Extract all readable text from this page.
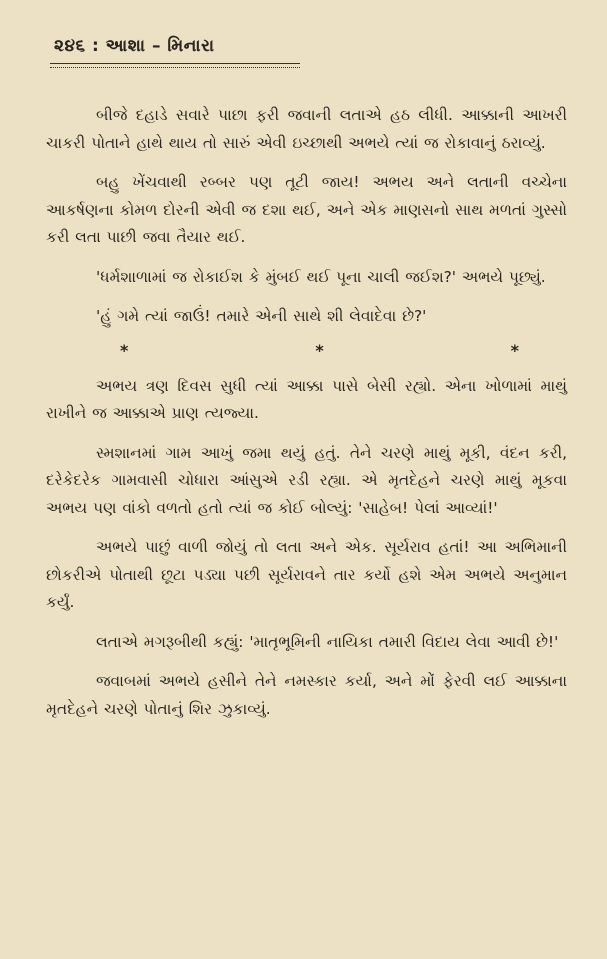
૨૪૬ : આશા – મિનારા

બીજે દહાડે સવારે પાછા ફરી જવાની લતાએ હઠ લીધી. આક્કાની આખરી ચાકરી પોતાને હાથે થાય તો સારું એવી ઇચ્છાથી અભયે ત્યાં જ રોકાવાનું ઠરાવ્યું.

બહુ ખેંચવાથી રબ્બર પણ તૂટી જાય! અભય અને લતાની વચ્ચેના આકર્ષણના કોમળ દોરની એવી જ દશા થઈ, અને એક માણસનો સાથ મળતાં ગુસ્સો કરી લતા પાછી જવા તૈયાર થઈ.

'ધર્મશાળામાં જ રોકાઈશ કે મુંબઈ થઈ પૂના ચાલી જઈશ?' અભયે પૂછ્યું.

'હું ગમે ત્યાં જાઉં! તમારે એની સાથે શી લેવાદેવા છે?'

*	*	*

અભય ત્રણ દિવસ સુધી ત્યાં આક્કા પાસે બેસી રહ્યો. એના ખોળામાં માથું રાખીને જ આક્કાએ પ્રાણ ત્યજ્યા.

સ્મશાનમાં ગામ આખું જમા થયું હતું. તેને ચરણે માથું મૂકી, વંદન કરી, દરેકેદરેક ગામવાસી ચોધારા આંસુએ રડી રહ્યા. એ મૃતદેહને ચરણે માથું મૂકવા અભય પણ વાંકો વળતો હતો ત્યાં જ કોઈ બોલ્યું: 'સાહેબ! પેલાં આવ્યાં!'

અભયે પાછું વાળી જોયું તો લતા અને એક. સૂર્યરાવ હતાં! આ અભિમાની છોકરીએ પોતાથી છૂટા પડ્યા પછી સૂર્યરાવને તાર કર્યો હશે એમ અભયે અનુમાન કર્યું.

લતાએ મગરૂબીથી કહ્યું: 'માતૃભૂમિની નાયિકા તમારી વિદાય લેવા આવી છે!'

જવાબમાં અભયે હસીને તેને નમસ્કાર કર્યા, અને મોં ફેરવી લઈ આક્કાના મૃતદેહને ચરણે પોતાનું શિર ઝુકાવ્યું.
